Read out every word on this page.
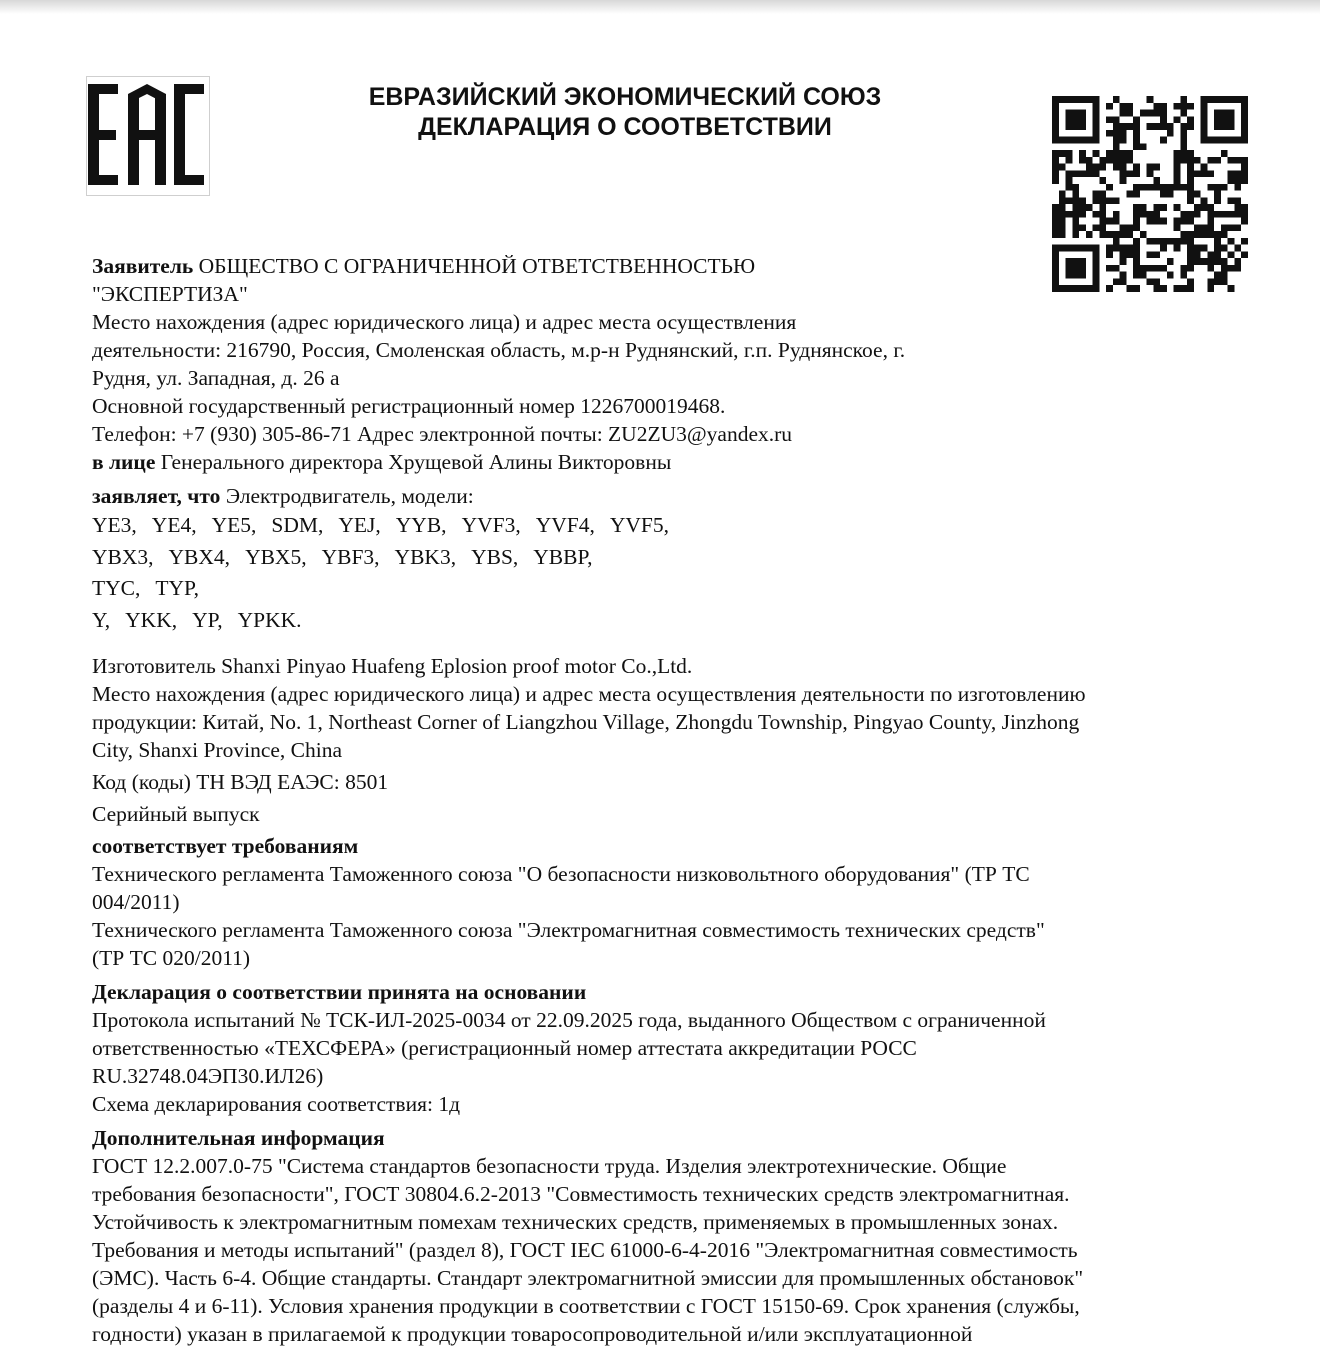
ЕВРАЗИЙСКИЙ ЭКОНОМИЧЕСКИЙ СОЮЗ
ДЕКЛАРАЦИЯ О СООТВЕТСТВИИ
Заявитель ОБЩЕСТВО С ОГРАНИЧЕННОЙ ОТВЕТСТВЕННОСТЬЮ
"ЭКСПЕРТИЗА"
Место нахождения (адрес юридического лица) и адрес места осуществления
деятельности: 216790, Россия, Смоленская область, м.р-н Руднянский, г.п. Руднянское, г.
Рудня, ул. Западная, д. 26 а
Основной государственный регистрационный номер 1226700019468.
Телефон: +7 (930) 305-86-71 Адрес электронной почты: ZU2ZU3@yandex.ru
в лице Генерального директора Хрущевой Алины Викторовны
заявляет, что Электродвигатель, модели:
YE3, YE4, YE5, SDM, YEJ, YYB, YVF3, YVF4, YVF5,
YBX3, YBX4, YBX5, YBF3, YBK3, YBS, YBBP,
TYC, TYP,
Y, YKK, YP, YPKK.
Изготовитель Shanxi Pinyao Huafeng Eplosion proof motor Co.,Ltd.
Место нахождения (адрес юридического лица) и адрес места осуществления деятельности по изготовлению
продукции: Китай, No. 1, Northeast Corner of Liangzhou Village, Zhongdu Township, Pingyao County, Jinzhong
City, Shanxi Province, China
Код (коды) ТН ВЭД ЕАЭС: 8501
Серийный выпуск
соответствует требованиям
Технического регламента Таможенного союза "О безопасности низковольтного оборудования" (ТР ТС
004/2011)
Технического регламента Таможенного союза "Электромагнитная совместимость технических средств"
(ТР ТС 020/2011)
Декларация о соответствии принята на основании
Протокола испытаний № ТСК-ИЛ-2025-0034 от 22.09.2025 года, выданного Обществом с ограниченной
ответственностью «ТЕХСФЕРА» (регистрационный номер аттестата аккредитации РОСС
RU.32748.04ЭП30.ИЛ26)
Схема декларирования соответствия: 1д
Дополнительная информация
ГОСТ 12.2.007.0-75 "Система стандартов безопасности труда. Изделия электротехнические. Общие
требования безопасности", ГОСТ 30804.6.2-2013 "Совместимость технических средств электромагнитная.
Устойчивость к электромагнитным помехам технических средств, применяемых в промышленных зонах.
Требования и методы испытаний" (раздел 8), ГОСТ IEC 61000-6-4-2016 "Электромагнитная совместимость
(ЭМС). Часть 6-4. Общие стандарты. Стандарт электромагнитной эмиссии для промышленных обстановок"
(разделы 4 и 6-11). Условия хранения продукции в соответствии с ГОСТ 15150-69. Срок хранения (службы,
годности) указан в прилагаемой к продукции товаросопроводительной и/или эксплуатационной
